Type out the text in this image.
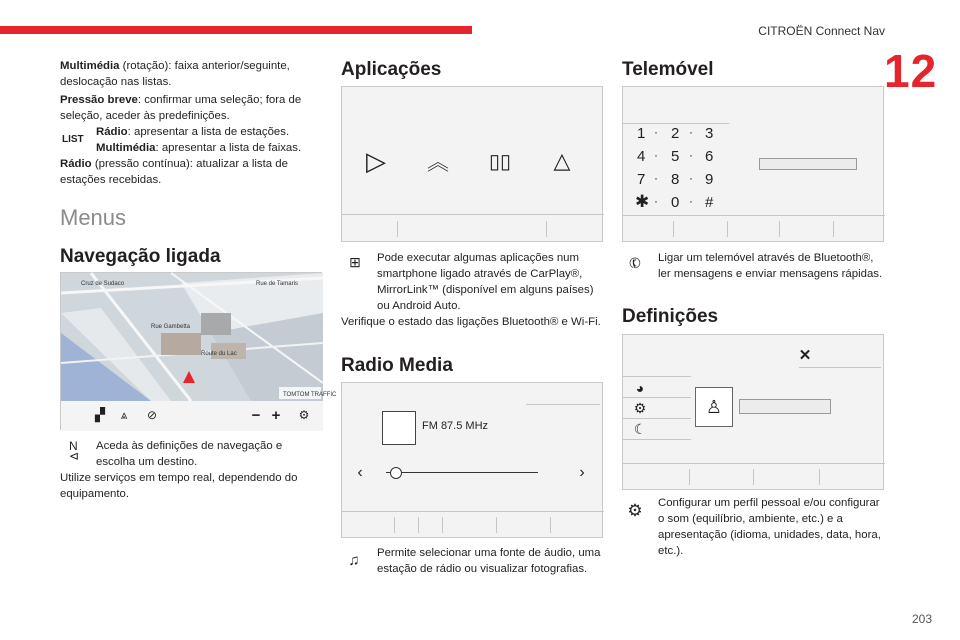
CITROËN Connect Nav
12
203

Multimédia (rotação): faixa anterior/seguinte, deslocação nas listas.

Pressão breve: confirmar uma seleção; fora de seleção, aceder às predefinições.

LIST

Rádio: apresentar a lista de estações.

Multimédia: apresentar a lista de faixas.

Rádio (pressão contínua): atualizar a lista de estações recebidas.

Menus
Navegação ligada
Cruz de Sudaco	Rue de Tamaris
Rue Gambetta
Route du Lac
TOMTOM TRAFFIC
▞	⩓	⊘	− +	⚙
N
⊲

Aceda às definições de navegação e escolha um destino.

Utilize serviços em tempo real, dependendo do equipamento.

Aplicações
▷ ︽ ▯▯	△
⊞	Pode executar algumas aplicações num smartphone ligado através de CarPlay®, MirrorLink™ (disponível em alguns países) ou Android Auto.

Verifique o estado das ligações Bluetooth® e Wi-Fi.

Radio Media
FM 87.5 MHz
‹	›
♫	Permite selecionar uma fonte de áudio, uma estação de rádio ou visualizar fotografias.

Telemóvel
1 · 2 · 3
4 · 5 · 6
7 · 8 · 9
✱ · 0 · #
✆	Ligar um telemóvel através de Bluetooth®, ler mensagens e enviar mensagens rápidas.

Definições
✕
◕
⚙
☾
♙
⚙ Configurar um perfil pessoal e/ou configurar o som (equilíbrio, ambiente, etc.) e a apresentação (idioma, unidades, data, hora, etc.).
